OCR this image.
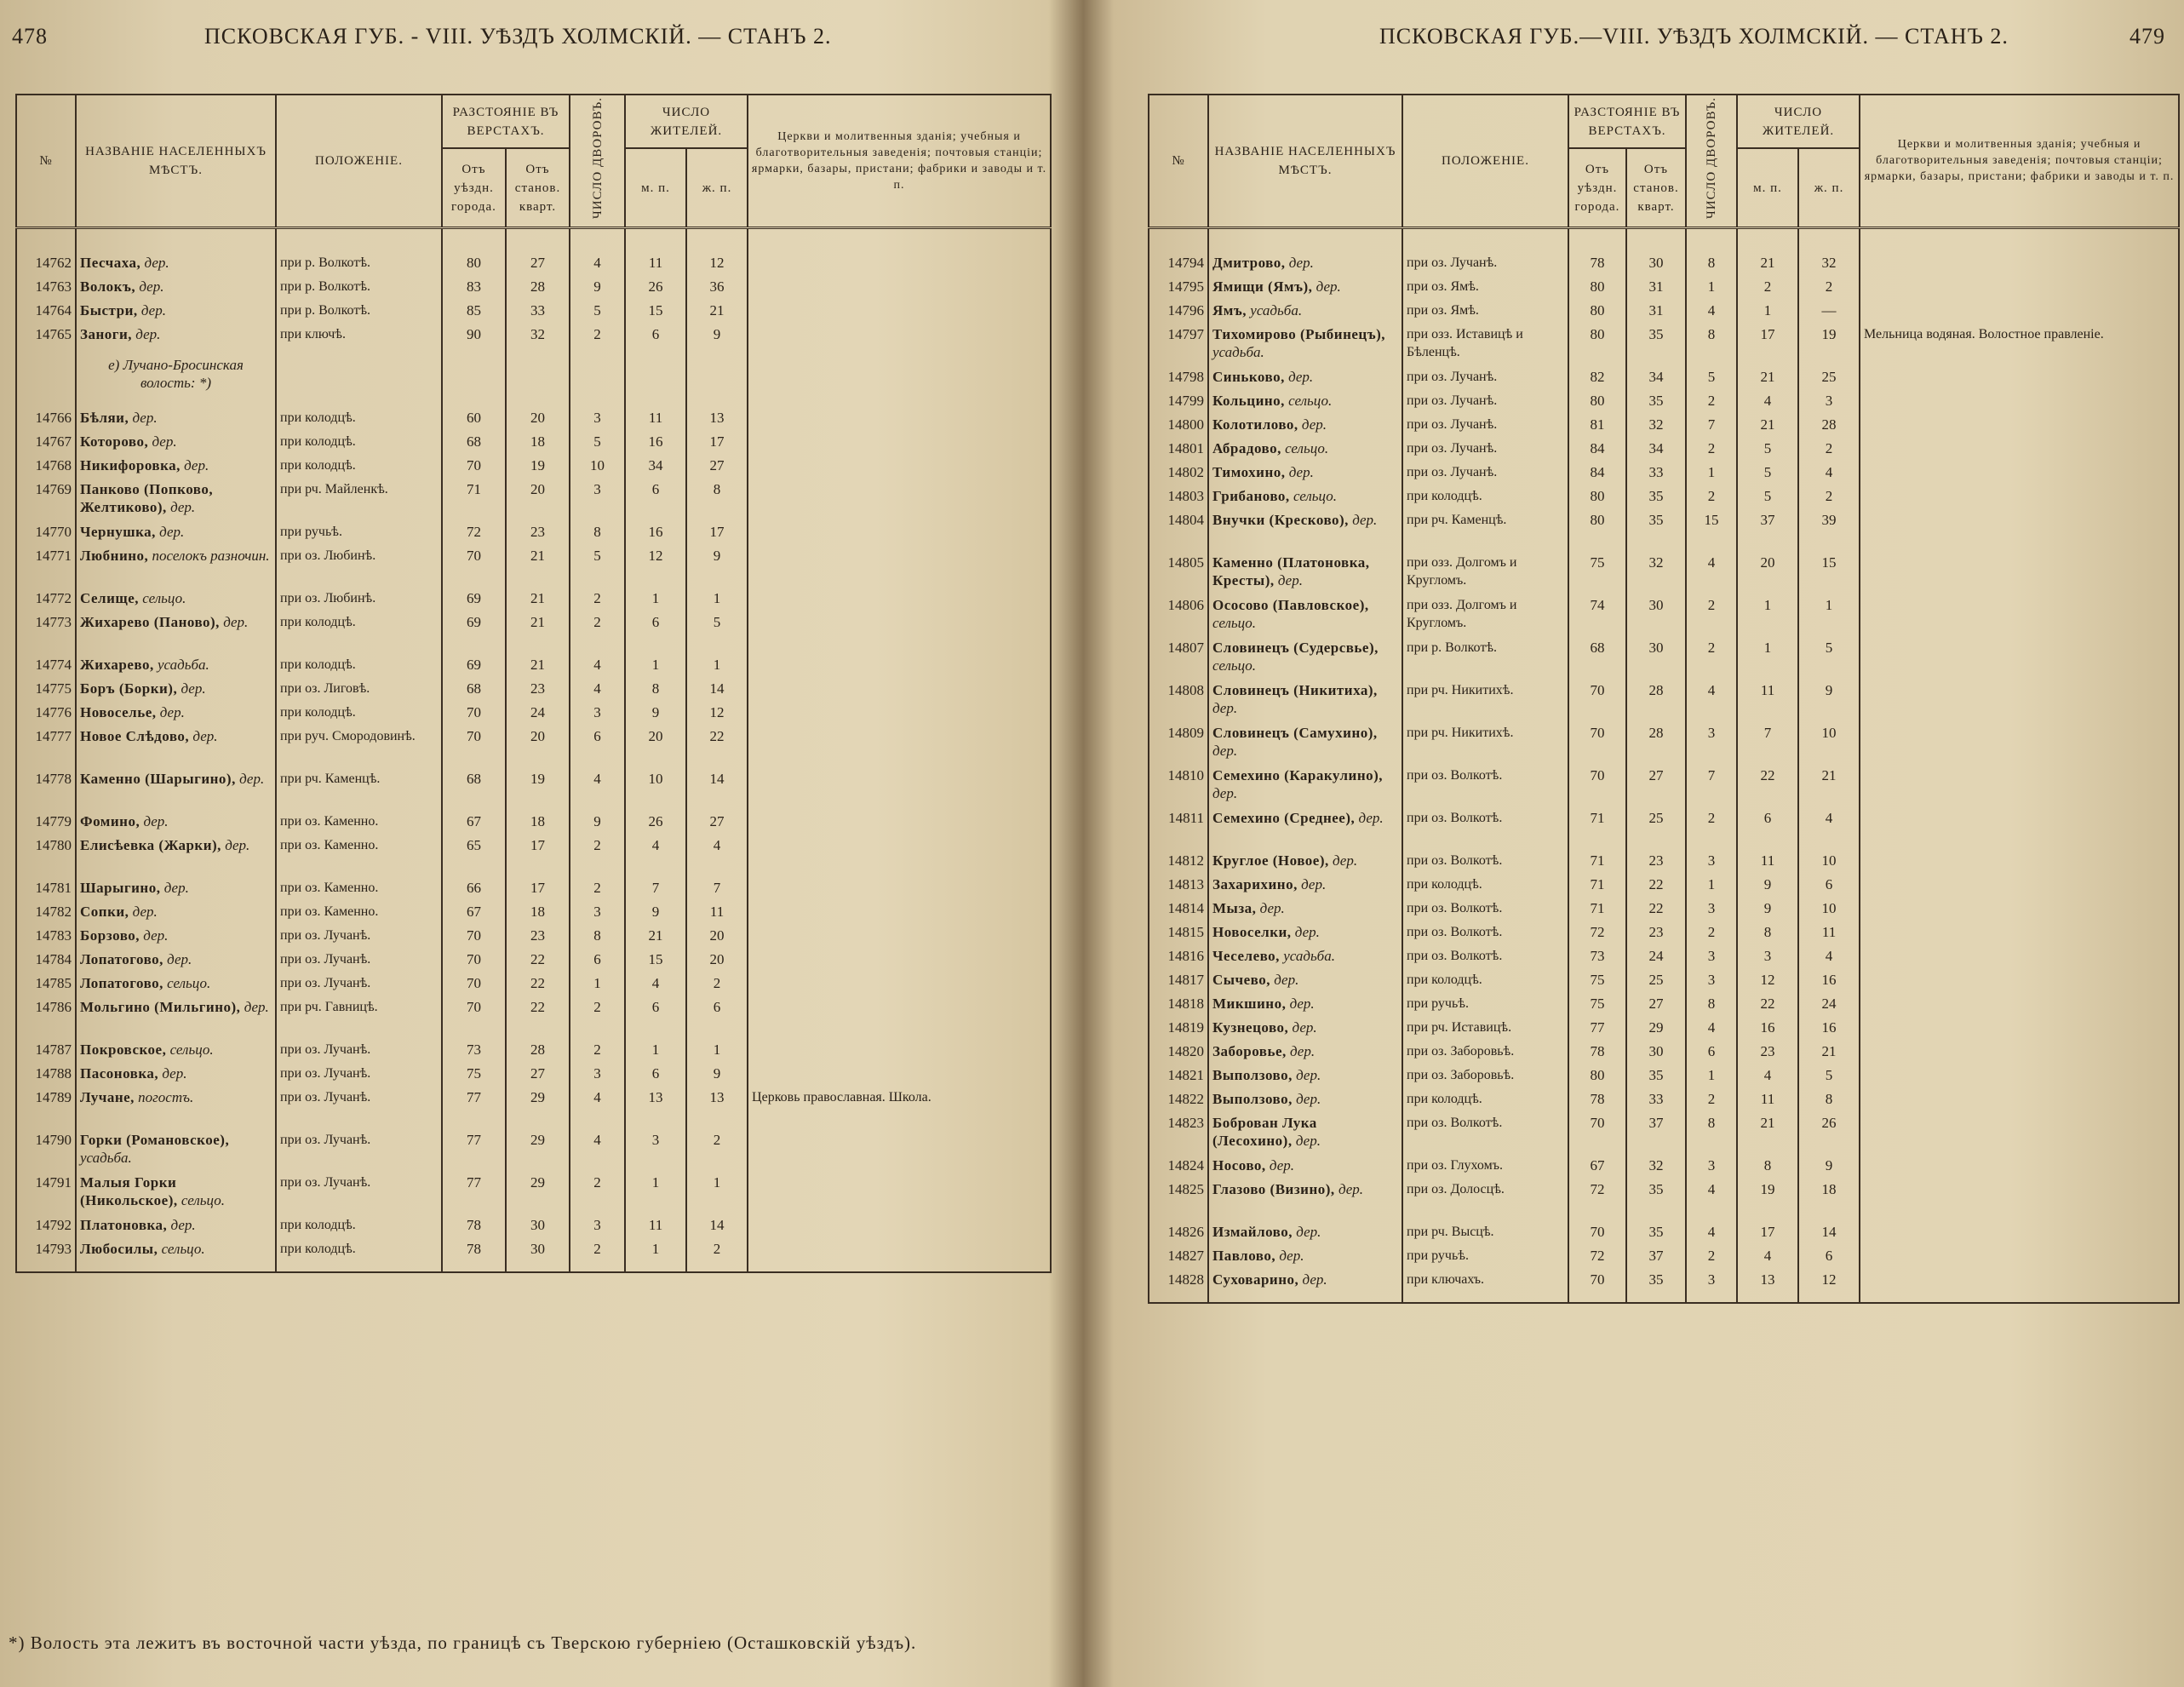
478	ПСКОВСКАЯ ГУБ. - VIII. УѢЗДЪ ХОЛМСКІЙ. — СТАНЪ 2.
№	НАЗВАНІЕ НАСЕЛЕННЫХЪ МѢСТЪ.	ПОЛОЖЕНІЕ.	РАЗСТОЯНІЕ ВЪ ВЕРСТАХЪ.		ЧИСЛО ДВОРОВЪ.	ЧИСЛО ЖИТЕЛЕЙ.		Церкви и молитвенныя зданія; учебныя и благотворительныя заведенія; почтовыя станціи; ярмарки, базары, пристани; фабрики и заводы и т. п.
			Отъ уѣздн. города.	Отъ станов. кварт.		м. п.	ж. п.	

14762	Песчаха, дер.	при р. Волкотѣ.	80	27	4	11	12	
14763	Волокъ, дер.	при р. Волкотѣ.	83	28	9	26	36	
14764	Быстри, дер.	при р. Волкотѣ.	85	33	5	15	21	
14765	Заноги, дер.	при ключѣ.	90	32	2	6	9	

	е) Лучано-Бросинская волость: *)							

14766	Бѣляи, дер.	при колодцѣ.	60	20	3	11	13	
14767	Которово, дер.	при колодцѣ.	68	18	5	16	17	
14768	Никифоровка, дер.	при колодцѣ.	70	19	10	34	27	
14769	Панково (Попково, Желтиково), дер.	при рч. Майленкѣ.	71	20	3	6	8	
14770	Чернушка, дер.	при ручьѣ.	72	23	8	16	17	
14771	Любнино, поселокъ разночин.	при оз. Любинѣ.	70	21	5	12	9	
14772	Селище, сельцо.	при оз. Любинѣ.	69	21	2	1	1	
14773	Жихарево (Паново), дер.	при колодцѣ.	69	21	2	6	5	
14774	Жихарево, усадьба.	при колодцѣ.	69	21	4	1	1	
14775	Боръ (Борки), дер.	при оз. Лиговѣ.	68	23	4	8	14	
14776	Новоселье, дер.	при колодцѣ.	70	24	3	9	12	
14777	Новое Слѣдово, дер.	при руч. Смородовинѣ.	70	20	6	20	22	
14778	Каменно (Шарыгино), дер.	при рч. Каменцѣ.	68	19	4	10	14	
14779	Фомино, дер.	при оз. Каменно.	67	18	9	26	27	
14780	Елисѣевка (Жарки), дер.	при оз. Каменно.	65	17	2	4	4	
14781	Шарыгино, дер.	при оз. Каменно.	66	17	2	7	7	
14782	Сопки, дер.	при оз. Каменно.	67	18	3	9	11	
14783	Борзово, дер.	при оз. Лучанѣ.	70	23	8	21	20	
14784	Лопатогово, дер.	при оз. Лучанѣ.	70	22	6	15	20	
14785	Лопатогово, сельцо.	при оз. Лучанѣ.	70	22	1	4	2	
14786	Мольгино (Мильгино), дер.	при рч. Гавницѣ.	70	22	2	6	6	
14787	Покровское, сельцо.	при оз. Лучанѣ.	73	28	2	1	1	
14788	Пасоновка, дер.	при оз. Лучанѣ.	75	27	3	6	9	
14789	Лучане, погостъ.	при оз. Лучанѣ.	77	29	4	13	13	Церковь православная. Школа.
14790	Горки (Романовское), усадьба.	при оз. Лучанѣ.	77	29	4	3	2	
14791	Малыя Горки (Никольское), сельцо.	при оз. Лучанѣ.	77	29	2	1	1	
14792	Платоновка, дер.	при колодцѣ.	78	30	3	11	14	
14793	Любосилы, сельцо.	при колодцѣ.	78	30	2	1	2	

*) Волость эта лежитъ въ восточной части уѣзда, по границѣ съ Тверскою губерніею (Осташковскій уѣздъ).
ПСКОВСКАЯ ГУБ.—VIII. УѢЗДЪ ХОЛМСКІЙ. — СТАНЪ 2.	479
№	НАЗВАНІЕ НАСЕЛЕННЫХЪ МѢСТЪ.	ПОЛОЖЕНІЕ.	РАЗСТОЯНІЕ ВЪ ВЕРСТАХЪ.		ЧИСЛО ДВОРОВЪ.	ЧИСЛО ЖИТЕЛЕЙ.		Церкви и молитвенныя зданія; учебныя и благотворительныя заведенія; почтовыя станціи; ярмарки, базары, пристани; фабрики и заводы и т. п.
			Отъ уѣздн. города.	Отъ станов. кварт.		м. п.	ж. п.	

14794	Дмитрово, дер.	при оз. Лучанѣ.	78	30	8	21	32	
14795	Ямищи (Ямъ), дер.	при оз. Ямѣ.	80	31	1	2	2	
14796	Ямъ, усадьба.	при оз. Ямѣ.	80	31	4	1	—	
14797	Тихомирово (Рыбинецъ), усадьба.	при озз. Иставицѣ и Бѣленцѣ.	80	35	8	17	19	Мельница водяная. Волостное правленіе.
14798	Синьково, дер.	при оз. Лучанѣ.	82	34	5	21	25	
14799	Кольцино, сельцо.	при оз. Лучанѣ.	80	35	2	4	3	
14800	Колотилово, дер.	при оз. Лучанѣ.	81	32	7	21	28	
14801	Абрадово, сельцо.	при оз. Лучанѣ.	84	34	2	5	2	
14802	Тимохино, дер.	при оз. Лучанѣ.	84	33	1	5	4	
14803	Грибаново, сельцо.	при колодцѣ.	80	35	2	5	2	
14804	Внучки (Кресково), дер.	при рч. Каменцѣ.	80	35	15	37	39	
14805	Каменно (Платоновка, Кресты), дер.	при озз. Долгомъ и Кругломъ.	75	32	4	20	15	
14806	Ососово (Павловское), сельцо.	при озз. Долгомъ и Кругломъ.	74	30	2	1	1	
14807	Словинецъ (Судерсвье), сельцо.	при р. Волкотѣ.	68	30	2	1	5	
14808	Словинецъ (Никитиха), дер.	при рч. Никитихѣ.	70	28	4	11	9	
14809	Словинецъ (Самухино), дер.	при рч. Никитихѣ.	70	28	3	7	10	
14810	Семехино (Каракулино), дер.	при оз. Волкотѣ.	70	27	7	22	21	
14811	Семехино (Среднее), дер.	при оз. Волкотѣ.	71	25	2	6	4	
14812	Круглое (Новое), дер.	при оз. Волкотѣ.	71	23	3	11	10	
14813	Захарихино, дер.	при колодцѣ.	71	22	1	9	6	
14814	Мыза, дер.	при оз. Волкотѣ.	71	22	3	9	10	
14815	Новоселки, дер.	при оз. Волкотѣ.	72	23	2	8	11	
14816	Чеселево, усадьба.	при оз. Волкотѣ.	73	24	3	3	4	
14817	Сычево, дер.	при колодцѣ.	75	25	3	12	16	
14818	Микшино, дер.	при ручьѣ.	75	27	8	22	24	
14819	Кузнецово, дер.	при рч. Иставицѣ.	77	29	4	16	16	
14820	Заборовье, дер.	при оз. Заборовьѣ.	78	30	6	23	21	
14821	Выползово, дер.	при оз. Заборовьѣ.	80	35	1	4	5	
14822	Выползово, дер.	при колодцѣ.	78	33	2	11	8	
14823	Боброван Лука (Лесохино), дер.	при оз. Волкотѣ.	70	37	8	21	26	
14824	Носово, дер.	при оз. Глухомъ.	67	32	3	8	9	
14825	Глазово (Визино), дер.	при оз. Долосцѣ.	72	35	4	19	18	
14826	Измайлово, дер.	при рч. Высцѣ.	70	35	4	17	14	
14827	Павлово, дер.	при ручьѣ.	72	37	2	4	6	
14828	Суховарино, дер.	при ключахъ.	70	35	3	13	12	
